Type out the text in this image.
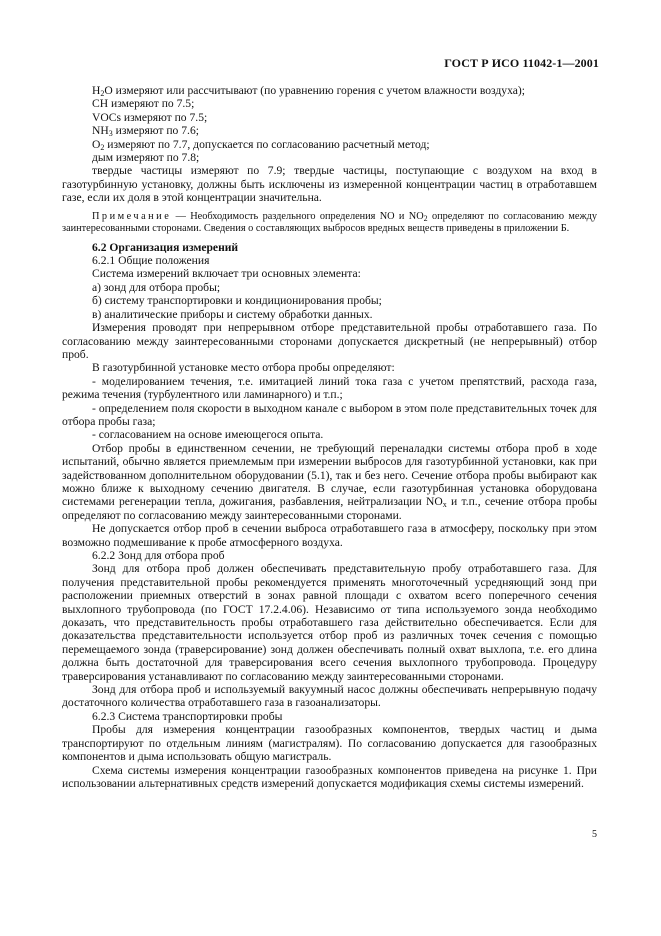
ГОСТ Р ИСО 11042-1—2001

$H_2O$ измеряют или рассчитывают (по уравнению горения с учетом влажности воздуха);

CH измеряют по 7.5;

VOCs измеряют по 7.5;

$NH_3$ измеряют по 7.6;

$O_2$ измеряют по 7.7, допускается по согласованию расчетный метод;

дым измеряют по 7.8;

твердые частицы измеряют по 7.9; твердые частицы, поступающие с воздухом на вход в газотурбинную установку, должны быть исключены из измеренной концентрации частиц в отработавшем газе, если их доля в этой концентрации значительна.

Примечание — Необходимость раздельного определения NO и $NO_2$ определяют по согласованию между заинтересованными сторонами. Сведения о составляющих выбросов вредных веществ приведены в приложении Б.

6.2 Организация измерений

6.2.1 Общие положения

Система измерений включает три основных элемента:

а) зонд для отбора пробы;

б) систему транспортировки и кондиционирования пробы;

в) аналитические приборы и систему обработки данных.

Измерения проводят при непрерывном отборе представительной пробы отработавшего газа. По согласованию между заинтересованными сторонами допускается дискретный (не непрерывный) отбор проб.

В газотурбинной установке место отбора пробы определяют:

- моделированием течения, т.е. имитацией линий тока газа с учетом препятствий, расхода газа, режима течения (турбулентного или ламинарного) и т.п.;

- определением поля скорости в выходном канале с выбором в этом поле представительных точек для отбора пробы газа;

- согласованием на основе имеющегося опыта.

Отбор пробы в единственном сечении, не требующий переналадки системы отбора проб в ходе испытаний, обычно является приемлемым при измерении выбросов для газотурбинной установки, как при задействованном дополнительном оборудовании (5.1), так и без него. Сечение отбора пробы выбирают как можно ближе к выходному сечению двигателя. В случае, если газотурбинная установка оборудована системами регенерации тепла, дожигания, разбавления, нейтрализации $NO_x$ и т.п., сечение отбора пробы определяют по согласованию между заинтересованными сторонами.

Не допускается отбор проб в сечении выброса отработавшего газа в атмосферу, поскольку при этом возможно подмешивание к пробе атмосферного воздуха.

6.2.2 Зонд для отбора проб

Зонд для отбора проб должен обеспечивать представительную пробу отработавшего газа. Для получения представительной пробы рекомендуется применять многоточечный усредняющий зонд при расположении приемных отверстий в зонах равной площади с охватом всего поперечного сечения выхлопного трубопровода (по ГОСТ 17.2.4.06). Независимо от типа используемого зонда необходимо доказать, что представительность пробы отработавшего газа действительно обеспечивается. Если для доказательства представительности используется отбор проб из различных точек сечения с помощью перемещаемого зонда (траверсирование) зонд должен обеспечивать полный охват выхлопа, т.е. его длина должна быть достаточной для траверсирования всего сечения выхлопного трубопровода. Процедуру траверсирования устанавливают по согласованию между заинтересованными сторонами.

Зонд для отбора проб и используемый вакуумный насос должны обеспечивать непрерывную подачу достаточного количества отработавшего газа в газоанализаторы.

6.2.3 Система транспортировки пробы

Пробы для измерения концентрации газообразных компонентов, твердых частиц и дыма транспортируют по отдельным линиям (магистралям). По согласованию допускается для газообразных компонентов и дыма использовать общую магистраль.

Схема системы измерения концентрации газообразных компонентов приведена на рисунке 1. При использовании альтернативных средств измерений допускается модификация схемы системы измерений.

5
